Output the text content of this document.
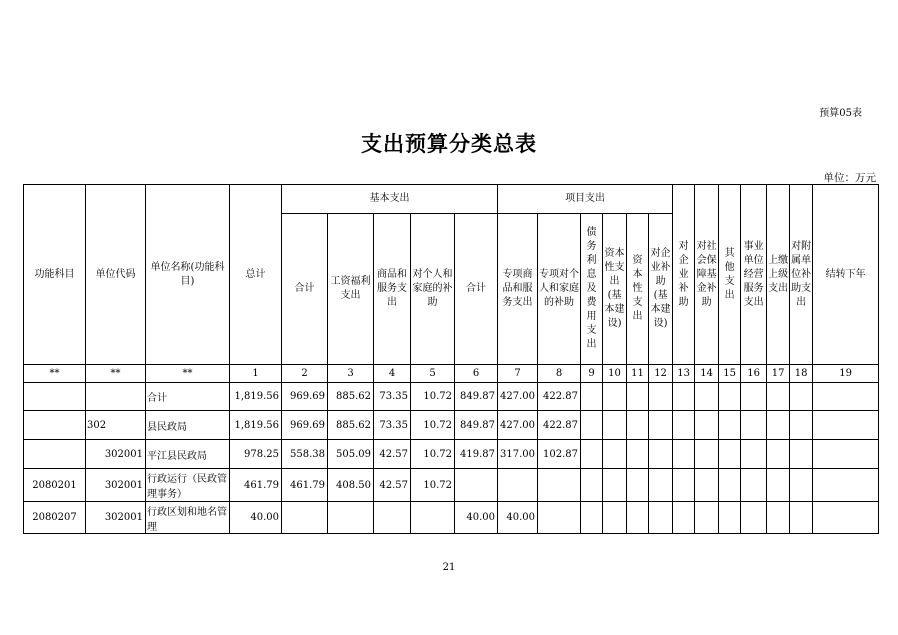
预算05表
支出预算分类总表
单位：万元
功能科目	单位代码	单位名称(功能科目)	总计	基本支出					项目支出						对企业补助	对社会保障基金补助	其他支出	事业单位经营服务支出	上缴上级支出	对附属单位补助支出	结转下年
				合计	工资福利支出	商品和服务支出	对个人和家庭的补助	合计	专项商品和服务支出	专项对个人和家庭的补助	债务利息及费用支出	资本性支出(基本建设)	资本性支出	对企业补助(基本建设)							
**	**	**	1	2	3	4	5	6	7	8	9	10	11	12	13	14	15	16	17	18	19
		合计	1,819.56	969.69	885.62	73.35	10.72	849.87	427.00	422.87											
	302	县民政局	1,819.56	969.69	885.62	73.35	10.72	849.87	427.00	422.87											
	302001	平江县民政局	978.25	558.38	505.09	42.57	10.72	419.87	317.00	102.87											
2080201	302001	行政运行（民政管理事务）	461.79	461.79	408.50	42.57	10.72														
2080207	302001	行政区划和地名管理	40.00					40.00	40.00												
21
